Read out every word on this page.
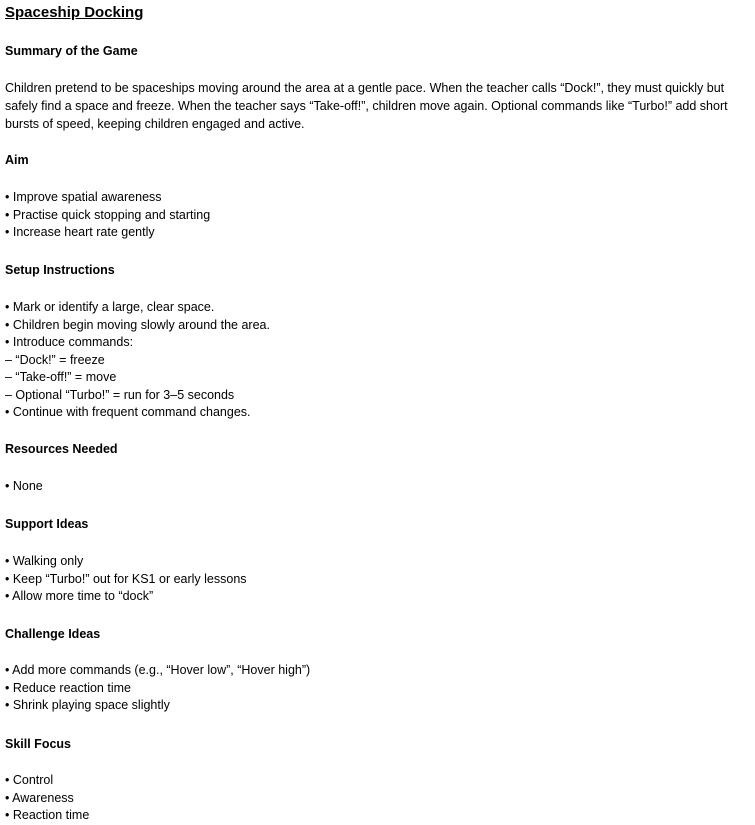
Spaceship Docking
Summary of the Game
Children pretend to be spaceships moving around the area at a gentle pace. When the teacher calls “Dock!”, they must quickly but safely find a space and freeze. When the teacher says “Take-off!”, children move again. Optional commands like “Turbo!” add short bursts of speed, keeping children engaged and active.
Aim
• Improve spatial awareness
• Practise quick stopping and starting
• Increase heart rate gently
Setup Instructions
• Mark or identify a large, clear space.
• Children begin moving slowly around the area.
• Introduce commands:
– “Dock!” = freeze
– “Take-off!” = move
– Optional “Turbo!” = run for 3–5 seconds
• Continue with frequent command changes.
Resources Needed
• None
Support Ideas
• Walking only
• Keep “Turbo!” out for KS1 or early lessons
• Allow more time to “dock”
Challenge Ideas
• Add more commands (e.g., “Hover low”, “Hover high”)
• Reduce reaction time
• Shrink playing space slightly
Skill Focus
• Control
• Awareness
• Reaction time
